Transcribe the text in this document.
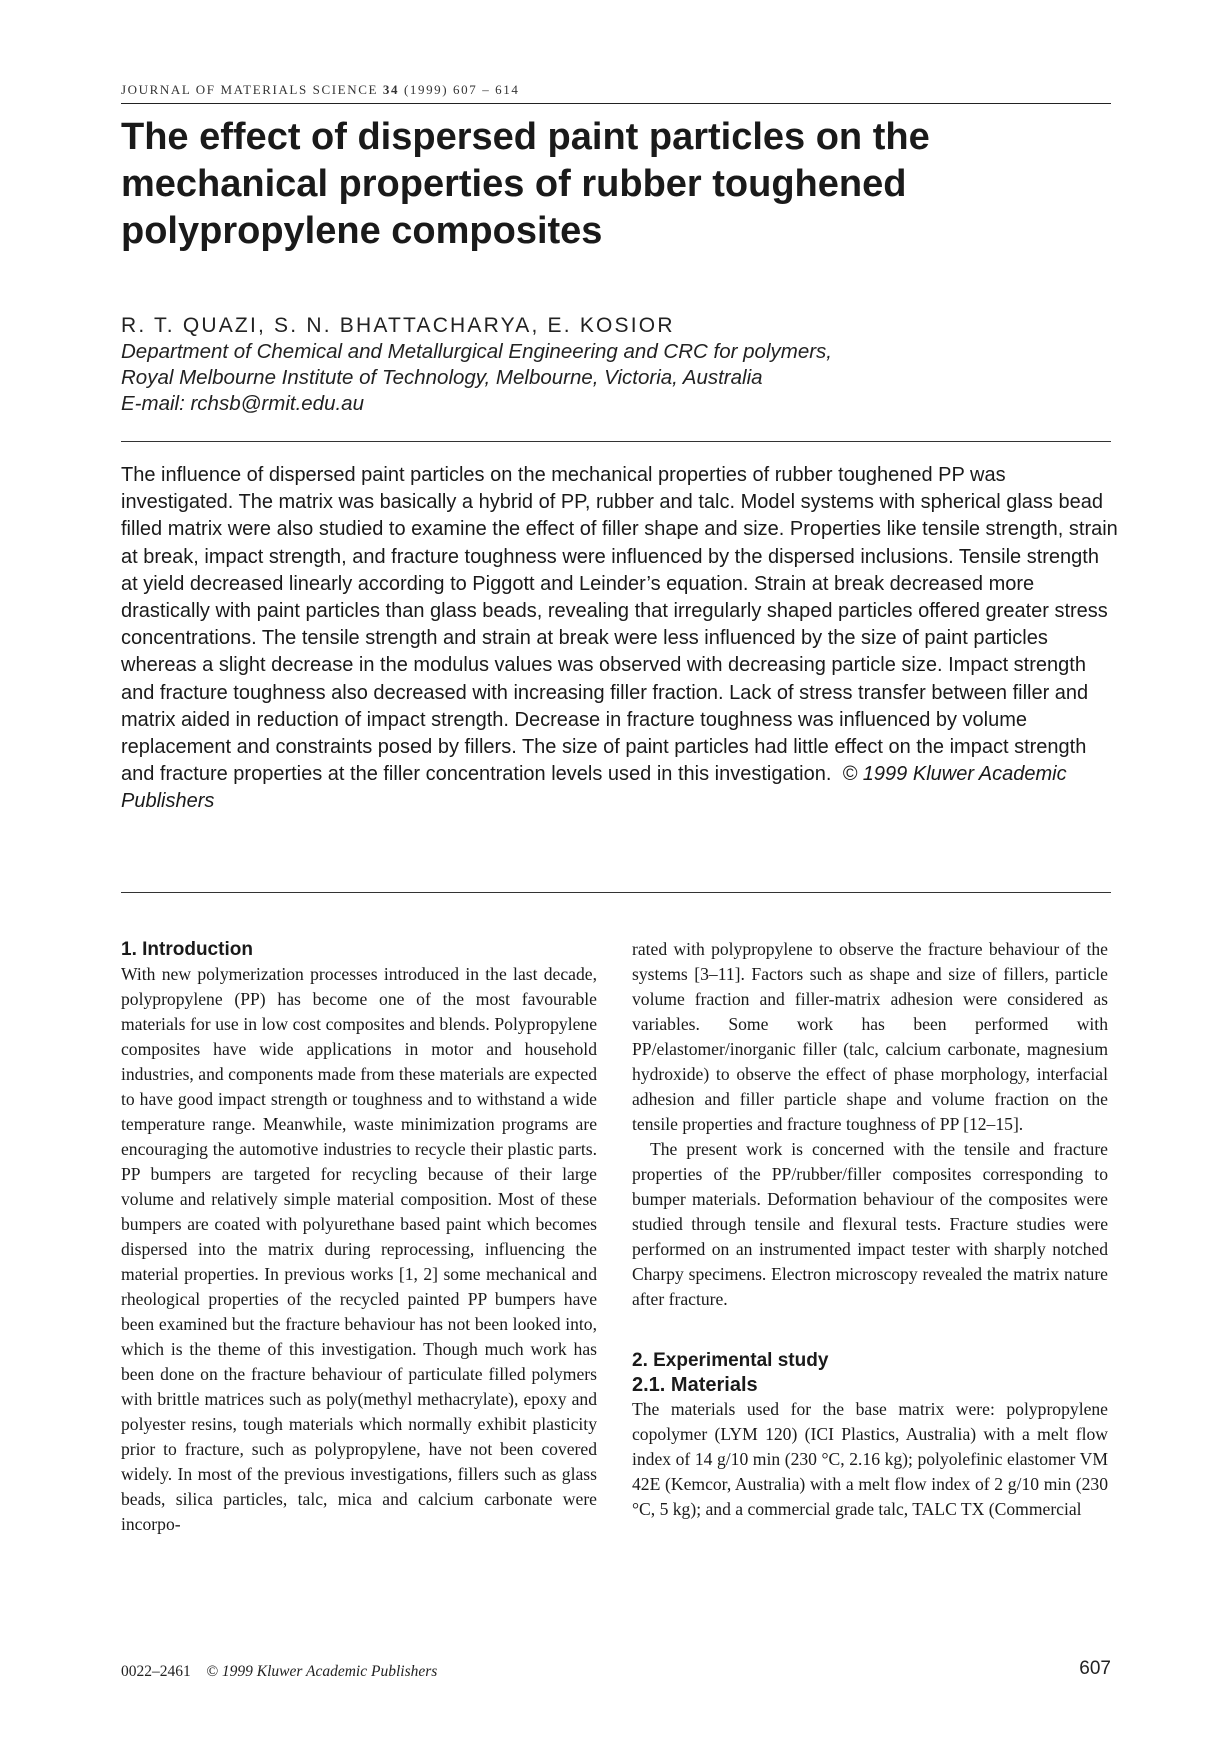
JOURNAL OF MATERIALS SCIENCE 34 (1999) 607 – 614
The effect of dispersed paint particles on the mechanical properties of rubber toughened polypropylene composites
R. T. QUAZI, S. N. BHATTACHARYA, E. KOSIOR
Department of Chemical and Metallurgical Engineering and CRC for polymers,
Royal Melbourne Institute of Technology, Melbourne, Victoria, Australia
E-mail: rchsb@rmit.edu.au

The influence of dispersed paint particles on the mechanical properties of rubber toughened PP was investigated. The matrix was basically a hybrid of PP, rubber and talc. Model systems with spherical glass bead filled matrix were also studied to examine the effect of filler shape and size. Properties like tensile strength, strain at break, impact strength, and fracture toughness were influenced by the dispersed inclusions. Tensile strength at yield decreased linearly according to Piggott and Leinder’s equation. Strain at break decreased more drastically with paint particles than glass beads, revealing that irregularly shaped particles offered greater stress concentrations. The tensile strength and strain at break were less influenced by the size of paint particles whereas a slight decrease in the modulus values was observed with decreasing particle size. Impact strength and fracture toughness also decreased with increasing filler fraction. Lack of stress transfer between filler and matrix aided in reduction of impact strength. Decrease in fracture toughness was influenced by volume replacement and constraints posed by fillers. The size of paint particles had little effect on the impact strength and fracture properties at the filler concentration levels used in this investigation. © 1999 Kluwer Academic Publishers

1. Introduction

With new polymerization processes introduced in the last decade, polypropylene (PP) has become one of the most favourable materials for use in low cost composites and blends. Polypropylene composites have wide applications in motor and household industries, and components made from these materials are expected to have good impact strength or toughness and to withstand a wide temperature range. Meanwhile, waste minimization programs are encouraging the automotive industries to recycle their plastic parts. PP bumpers are targeted for recycling because of their large volume and relatively simple material composition. Most of these bumpers are coated with polyurethane based paint which becomes dispersed into the matrix during reprocessing, influencing the material properties. In previous works [1, 2] some mechanical and rheological properties of the recycled painted PP bumpers have been examined but the fracture behaviour has not been looked into, which is the theme of this investigation. Though much work has been done on the fracture behaviour of particulate filled polymers with brittle matrices such as poly(methyl methacrylate), epoxy and polyester resins, tough materials which normally exhibit plasticity prior to fracture, such as polypropylene, have not been covered widely. In most of the previous investigations, fillers such as glass beads, silica particles, talc, mica and calcium carbonate were incorpo-

rated with polypropylene to observe the fracture behaviour of the systems [3–11]. Factors such as shape and size of fillers, particle volume fraction and filler-matrix adhesion were considered as variables. Some work has been performed with PP/elastomer/inorganic filler (talc, calcium carbonate, magnesium hydroxide) to observe the effect of phase morphology, interfacial adhesion and filler particle shape and volume fraction on the tensile properties and fracture toughness of PP [12–15].

The present work is concerned with the tensile and fracture properties of the PP/rubber/filler composites corresponding to bumper materials. Deformation behaviour of the composites were studied through tensile and flexural tests. Fracture studies were performed on an instrumented impact tester with sharply notched Charpy specimens. Electron microscopy revealed the matrix nature after fracture.

2. Experimental study
2.1. Materials

The materials used for the base matrix were: polypropylene copolymer (LYM 120) (ICI Plastics, Australia) with a melt flow index of 14 g/10 min (230 °C, 2.16 kg); polyolefinic elastomer VM 42E (Kemcor, Australia) with a melt flow index of 2 g/10 min (230 °C, 5 kg); and a commercial grade talc, TALC TX (Commercial

0022–2461 © 1999 Kluwer Academic Publishers	607
